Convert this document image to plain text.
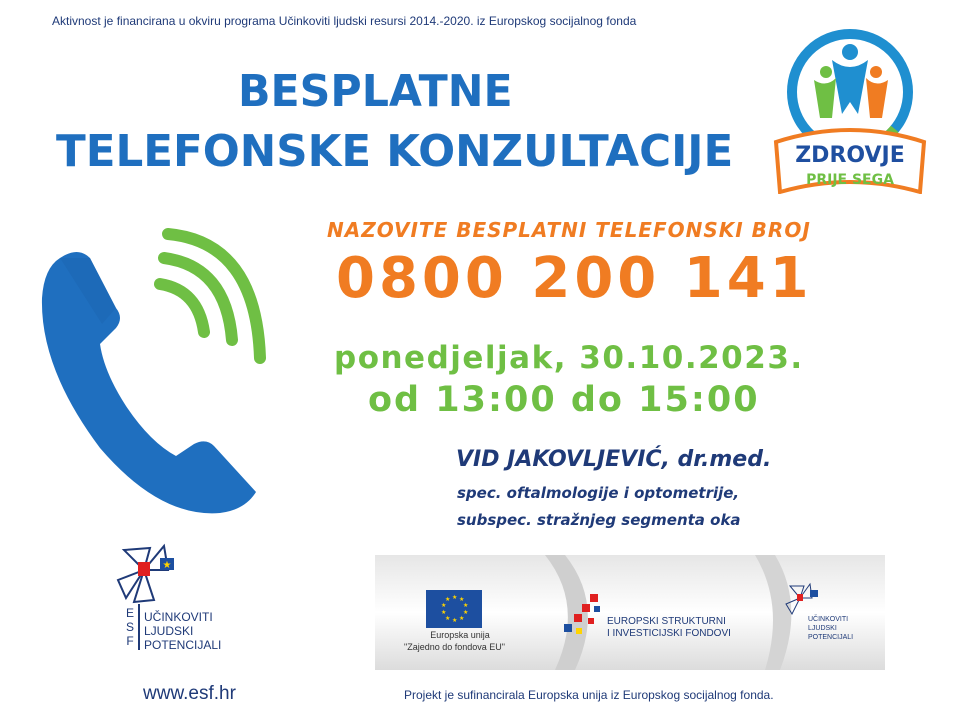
Aktivnost je financirana u okviru programa Učinkoviti ljudski resursi 2014.-2020. iz Europskog socijalnog fonda
BESPLATNE
TELEFONSKE KONZULTACIJE	ZDROVJE
PRIJE SEGA
NAZOVITE BESPLATNI TELEFONSKI BROJ
0800 200 141
ponedjeljak, 30.10.2023.
od 13:00 do 15:00
VID JAKOVLJEVIĆ, dr.med.
spec. oftalmologije i optometrije,
subspec. stražnjeg segmenta oka
★
E
S
F
UČINKOVITI
LJUDSKI
POTENCIJALI
www.esf.hr
★ ★
★
★
★
★
★
★
★
★
Europska unija
"Zajedno do fondova EU"
EUROPSKI STRUKTURNI
I INVESTICIJSKI FONDOVI
UČINKOVITI
LJUDSKI
POTENCIJALI
Projekt je sufinancirala Europska unija iz Europskog socijalnog fonda.
